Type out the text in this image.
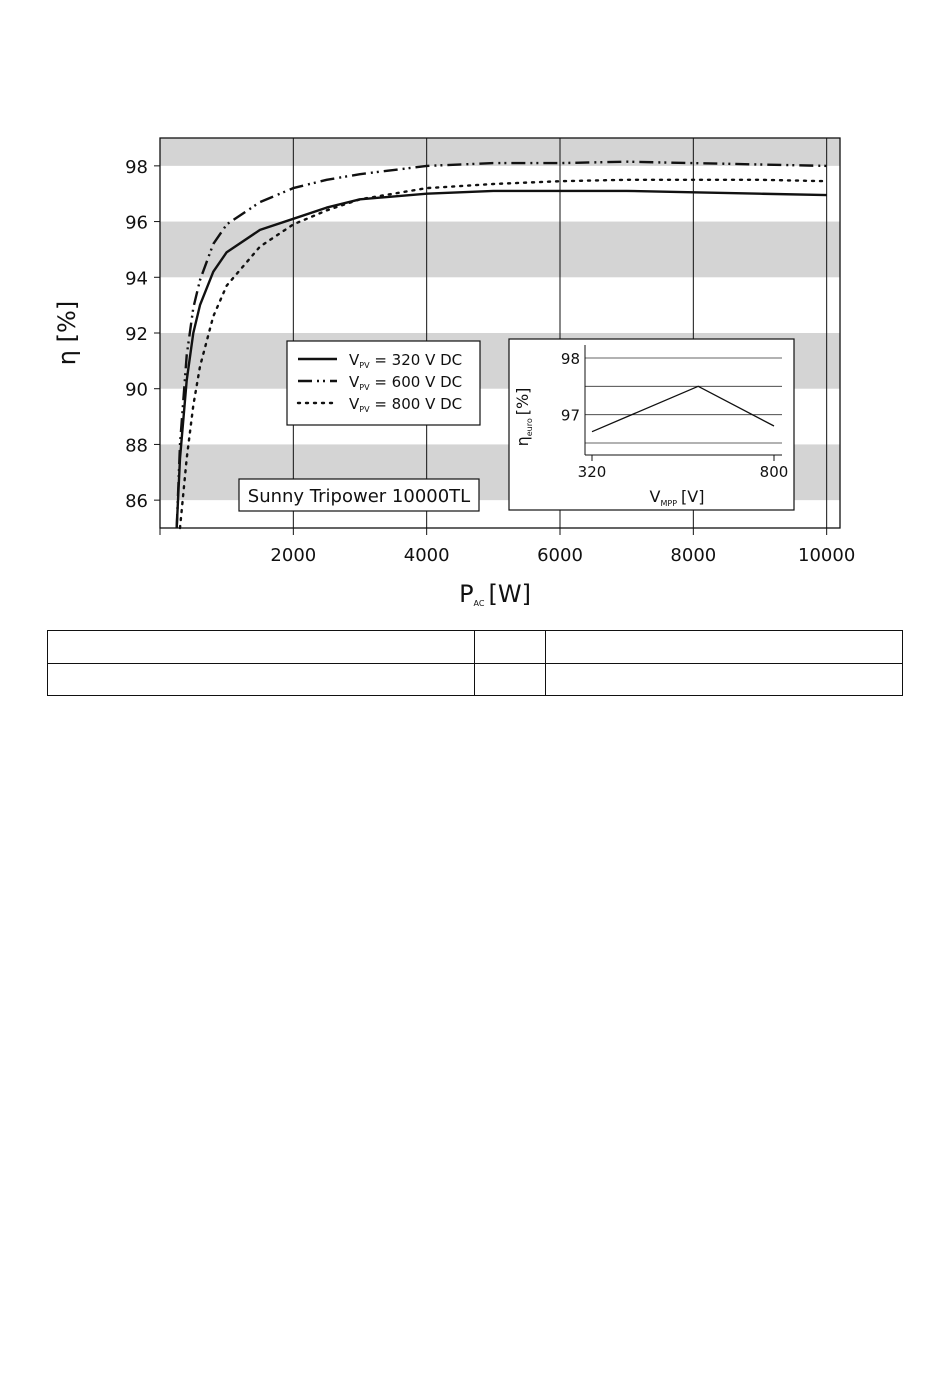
2000	4000	6000	8000	10000
86
88
90
92
94
96
98
η [%]
PAC [W]
$V_{PV} = 320$ V DC
$V_{PV} = 600$ V DC
$V_{PV} = 800$ V DC
Sunny Tripower 10000TL
98
97
320	800
$V_{MPP}$ [V]
$\eta_{euro}[\%]$
